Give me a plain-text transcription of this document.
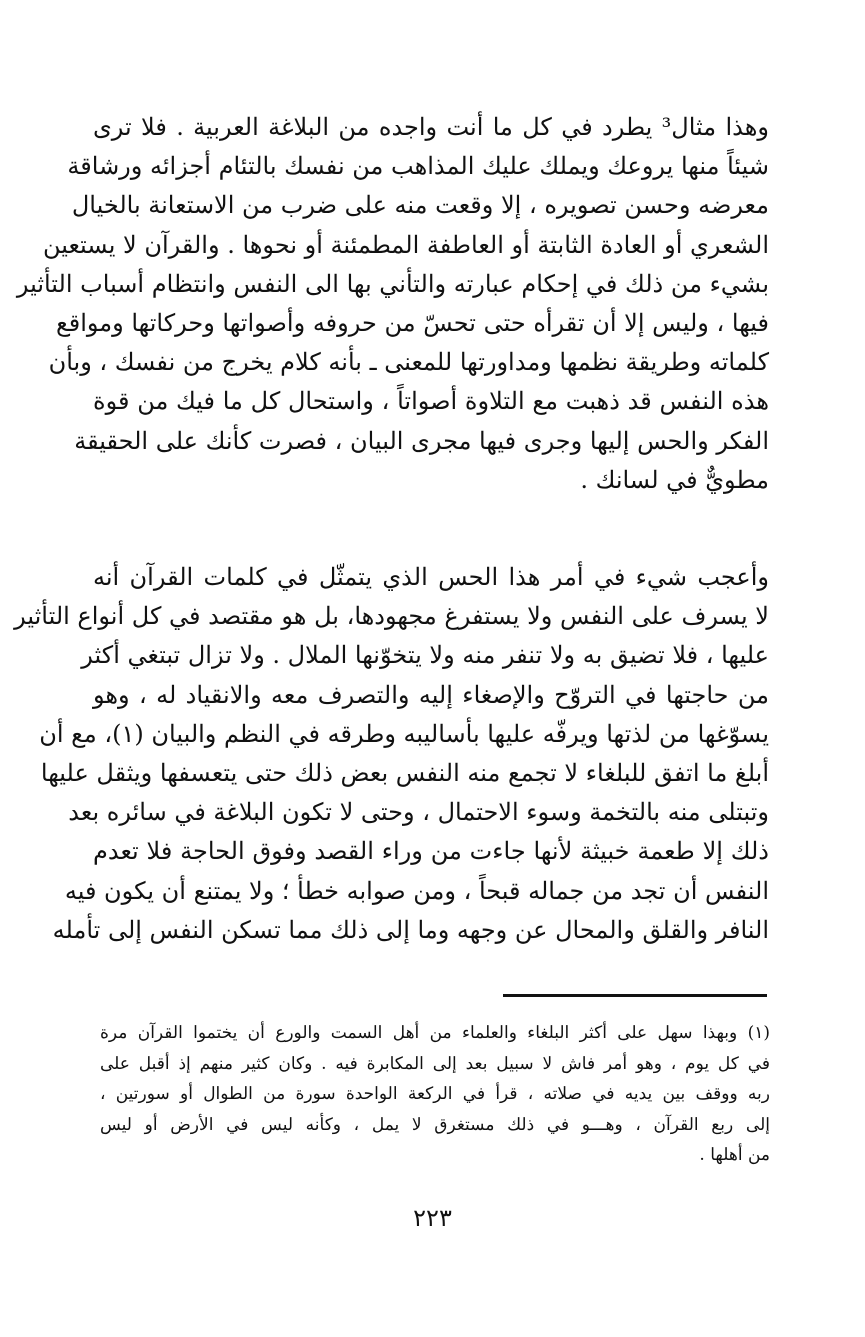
وهذا مثال³ يطرد في كل ما أنت واجده من البلاغة العربية . فلا ترى
شيئاً منها يروعك ويملك عليك المذاهب من نفسك بالتئام أجزائه ورشاقة
معرضه وحسن تصويره ، إلا وقعت منه على ضرب من الاستعانة بالخيال
الشعري أو العادة الثابتة أو العاطفة المطمئنة أو نحوها . والقرآن لا يستعين
بشيء من ذلك في إحكام عبارته والتأني بها الى النفس وانتظام أسباب التأثير
فيها ، وليس إلا أن تقرأه حتى تحسّ من حروفه وأصواتها وحركاتها ومواقع
كلماته وطريقة نظمها ومداورتها للمعنى ـ بأنه كلام يخرج من نفسك ، وبأن
هذه النفس قد ذهبت مع التلاوة أصواتاً ، واستحال كل ما فيك من قوة
الفكر والحس إليها وجرى فيها مجرى البيان ، فصرت كأنك على الحقيقة
مطويٌّ في لسانك .
وأعجب شيء في أمر هذا الحس الذي يتمثّل في كلمات القرآن أنه
لا يسرف على النفس ولا يستفرغ مجهودها، بل هو مقتصد في كل أنواع التأثير
عليها ، فلا تضيق به ولا تنفر منه ولا يتخوّنها الملال . ولا تزال تبتغي أكثر
من حاجتها في التروّح والإصغاء إليه والتصرف معه والانقياد له ، وهو
يسوّغها من لذتها ويرفّه عليها بأساليبه وطرقه في النظم والبيان (١)، مع أن
أبلغ ما اتفق للبلغاء لا تجمع منه النفس بعض ذلك حتى يتعسفها ويثقل عليها
وتبتلى منه بالتخمة وسوء الاحتمال ، وحتى لا تكون البلاغة في سائره بعد
ذلك إلا طعمة خبيثة لأنها جاءت من وراء القصد وفوق الحاجة فلا تعدم
النفس أن تجد من جماله قبحاً ، ومن صوابه خطأ ؛ ولا يمتنع أن يكون فيه
النافر والقلق والمحال عن وجهه وما إلى ذلك مما تسكن النفس إلى تأمله
(١) وبهذا سهل على أكثر البلغاء والعلماء من أهل السمت والورع أن يختموا القرآن مرة
في كل يوم ، وهو أمر فاش لا سبيل بعد إلى المكابرة فيه . وكان كثير منهم إذ أقبل على
ربه ووقف بين يديه في صلاته ، قرأ في الركعة الواحدة سورة من الطوال أو سورتين ،
إلى ربع القرآن ، وهـــو في ذلك مستغرق لا يمل ، وكأنه ليس في الأرض أو ليس
من أهلها .
٢٢٣
